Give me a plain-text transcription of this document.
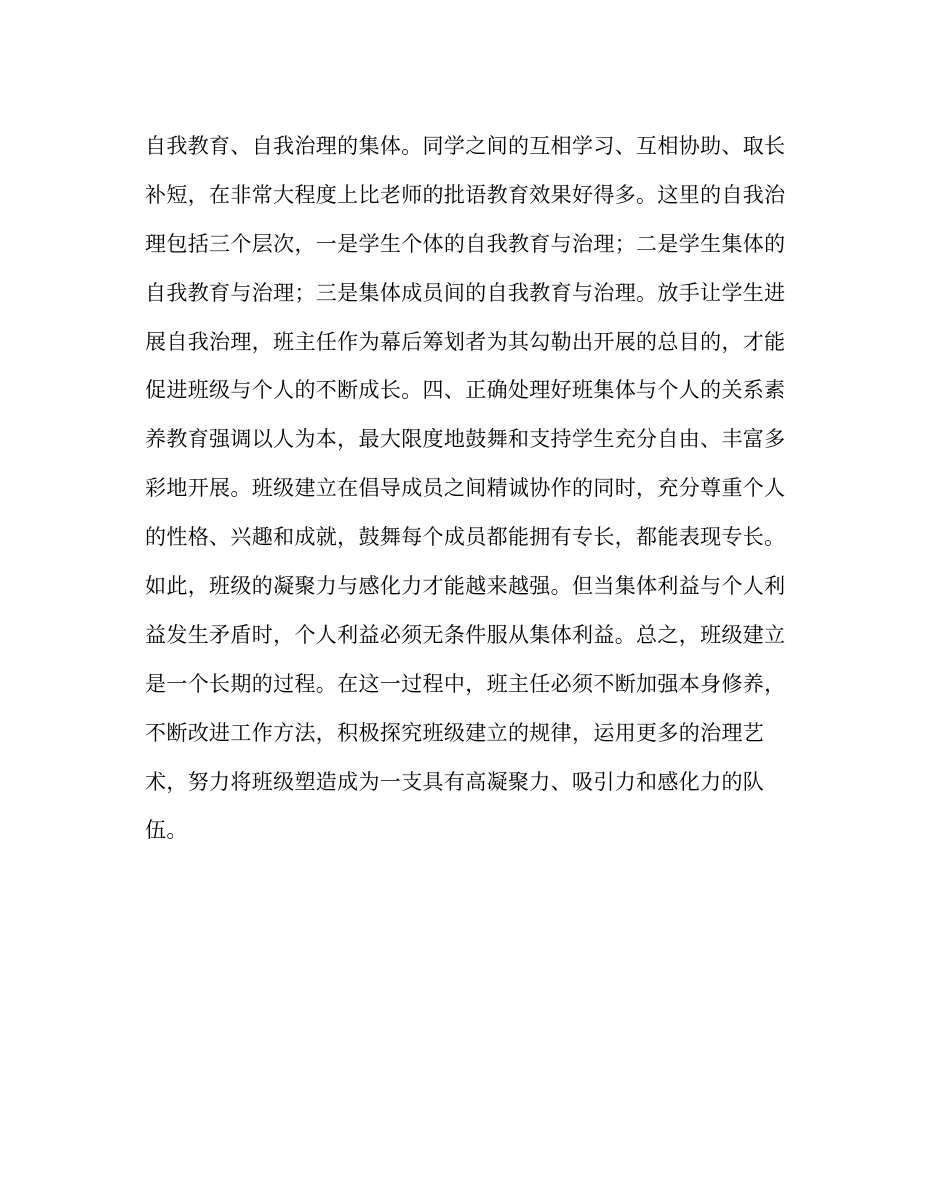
自我教育、自我治理的集体。同学之间的互相学习、互相协助、取长
补短，在非常大程度上比老师的批语教育效果好得多。这里的自我治
理包括三个层次，一是学生个体的自我教育与治理；二是学生集体的
自我教育与治理；三是集体成员间的自我教育与治理。放手让学生进
展自我治理，班主任作为幕后筹划者为其勾勒出开展的总目的，才能
促进班级与个人的不断成长。四、正确处理好班集体与个人的关系素
养教育强调以人为本，最大限度地鼓舞和支持学生充分自由、丰富多
彩地开展。班级建立在倡导成员之间精诚协作的同时，充分尊重个人
的性格、兴趣和成就，鼓舞每个成员都能拥有专长，都能表现专长。
如此，班级的凝聚力与感化力才能越来越强。但当集体利益与个人利
益发生矛盾时，个人利益必须无条件服从集体利益。总之，班级建立
是一个长期的过程。在这一过程中，班主任必须不断加强本身修养，
不断改进工作方法，积极探究班级建立的规律，运用更多的治理艺
术，努力将班级塑造成为一支具有高凝聚力、吸引力和感化力的队
伍。
